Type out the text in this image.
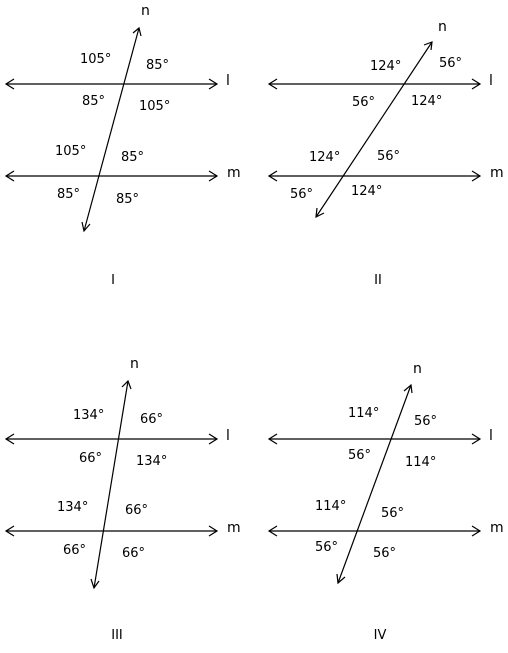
n
l
m
105°	85°
85°	105°
105°	85°
85°	85°
I
n
l
m
124°	56°
56°	124°
124°	56°
56°	124°
II
n
l
m
134°	66°
66°	134°
134°	66°
66°	66°
III
n
l
m
114°
56°
56°	114°
114°	56°
56°	56°
IV
